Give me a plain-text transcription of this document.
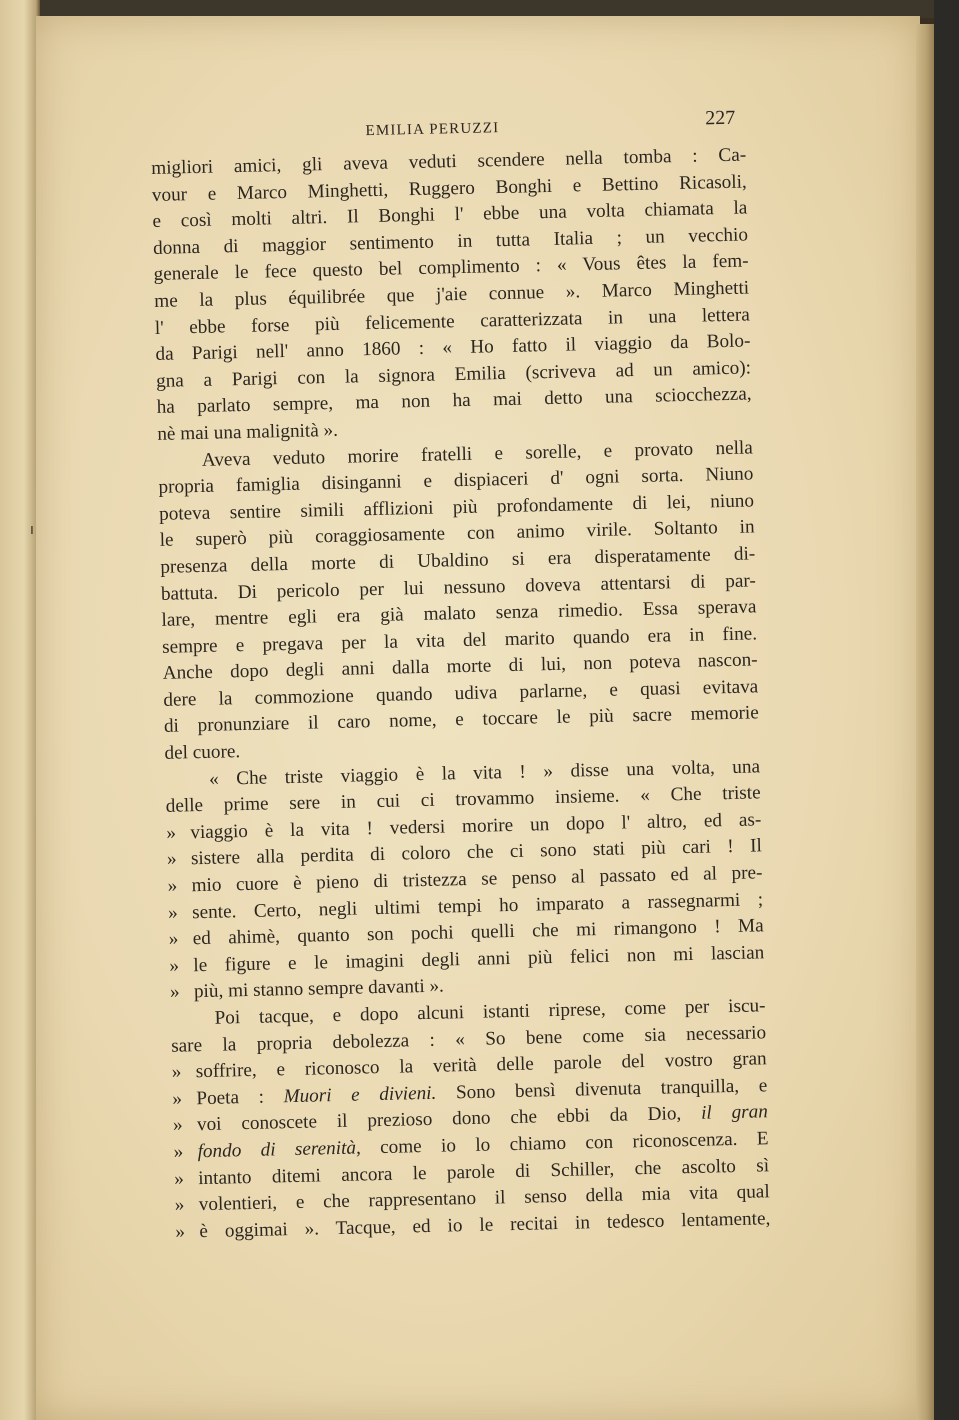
ı
EMILIA PERUZZI
227
migliori amici, gli aveva veduti scendere nella tomba : Ca-
vour e Marco Minghetti, Ruggero Bonghi e Bettino Ricasoli,
e così molti altri. Il Bonghi l' ebbe una volta chiamata la
donna di maggior sentimento in tutta Italia ; un vecchio
generale le fece questo bel complimento : « Vous êtes la fem-
me la plus équilibrée que j'aie connue ». Marco Minghetti
l' ebbe forse più felicemente caratterizzata in una lettera
da Parigi nell' anno 1860 : « Ho fatto il viaggio da Bolo-
gna a Parigi con la signora Emilia (scriveva ad un amico):
ha parlato sempre, ma non ha mai detto una sciocchezza,
nè mai una malignità ».
Aveva veduto morire fratelli e sorelle, e provato nella
propria famiglia disinganni e dispiaceri d' ogni sorta. Niuno
poteva sentire simili afflizioni più profondamente di lei, niuno
le superò più coraggiosamente con animo virile. Soltanto in
presenza della morte di Ubaldino si era disperatamente di-
battuta. Di pericolo per lui nessuno doveva attentarsi di par-
lare, mentre egli era già malato senza rimedio. Essa sperava
sempre e pregava per la vita del marito quando era in fine.
Anche dopo degli anni dalla morte di lui, non poteva nascon-
dere la commozione quando udiva parlarne, e quasi evitava
di pronunziare il caro nome, e toccare le più sacre memorie
del cuore.
« Che triste viaggio è la vita ! » disse una volta, una
delle prime sere in cui ci trovammo insieme. « Che triste
» viaggio è la vita ! vedersi morire un dopo l' altro, ed as-
» sistere alla perdita di coloro che ci sono stati più cari ! Il
» mio cuore è pieno di tristezza se penso al passato ed al pre-
» sente. Certo, negli ultimi tempi ho imparato a rassegnarmi ;
» ed ahimè, quanto son pochi quelli che mi rimangono ! Ma
» le figure e le imagini degli anni più felici non mi lascian
» più, mi stanno sempre davanti ».
Poi tacque, e dopo alcuni istanti riprese, come per iscu-
sare la propria debolezza : « So bene come sia necessario
» soffrire, e riconosco la verità delle parole del vostro gran
» Poeta : Muori e divieni. Sono bensì divenuta tranquilla, e
» voi conoscete il prezioso dono che ebbi da Dio, il gran
» fondo di serenità, come io lo chiamo con riconoscenza. E
» intanto ditemi ancora le parole di Schiller, che ascolto sì
» volentieri, e che rappresentano il senso della mia vita qual
» è oggimai ». Tacque, ed io le recitai in tedesco lentamente,
